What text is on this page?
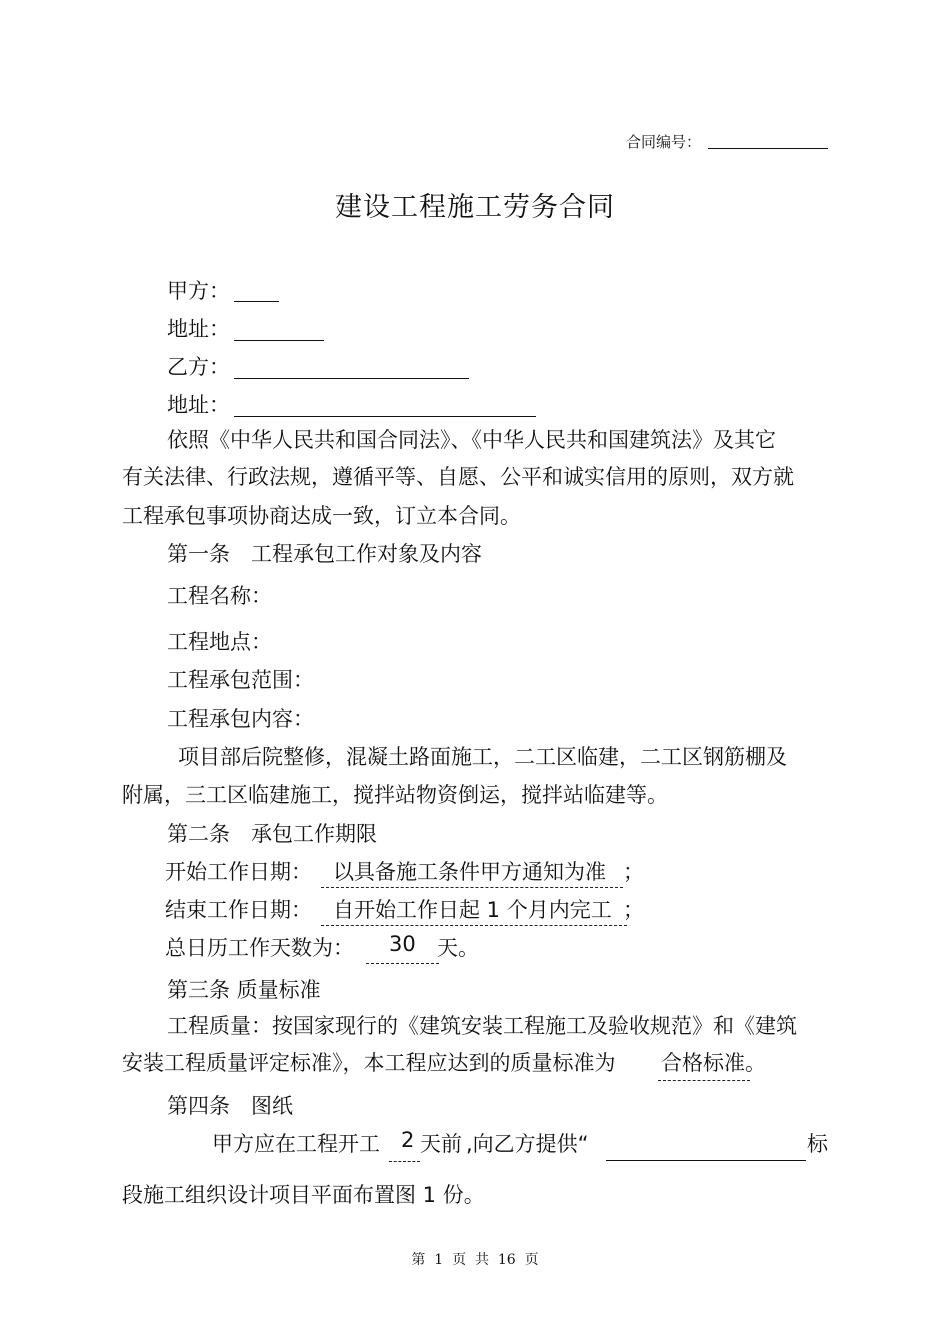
合同编号：
建设工程施工劳务合同
甲方：
地址：
乙方：
地址：
依照《中华人民共和国合同法》、《中华人民共和国建筑法》及其它
有关法律、行政法规，遵循平等、自愿、公平和诚实信用的原则，双方就
工程承包事项协商达成一致，订立本合同。
第一条　工程承包工作对象及内容
工程名称：
工程地点：
工程承包范围：
工程承包内容：
项目部后院整修，混凝土路面施工，二工区临建，二工区钢筋棚及
附属，三工区临建施工，搅拌站物资倒运，搅拌站临建等。
第二条　承包工作期限
开始工作日期： 以具备施工条件甲方通知为准 ；
结束工作日期： 自开始工作日起 1 个月内完工 ；
总日历工作天数为： 30 天。
第三条 质量标准
工程质量：按国家现行的《建筑安装工程施工及验收规范》和《建筑
安装工程质量评定标准》，本工程应达到的质量标准为 合格标准 。
第四条　图纸
甲方应在工程开工 2 天前 ,向乙方提供“	标
段施工组织设计项目平面布置图 1 份。
第  1  页  共  16  页
